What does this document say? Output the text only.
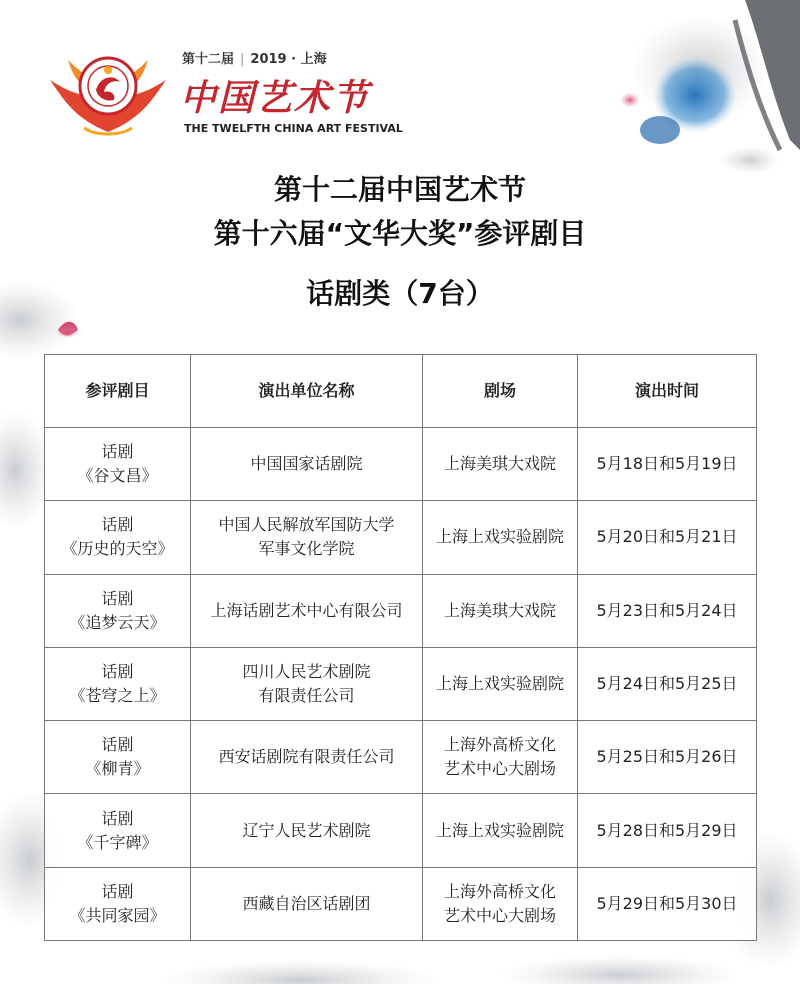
第十二届 | 2019 · 上海
中国艺术节
THE TWELFTH CHINA ART FESTIVAL
第十二届中国艺术节
第十六届“文华大奖”参评剧目
话剧类（7台）
参评剧目	演出单位名称	剧场	演出时间

话剧
《谷文昌》	中国国家话剧院	上海美琪大戏院	5月18日和5月19日

话剧
《历史的天空》	中国人民解放军国防大学
军事文化学院	上海上戏实验剧院	5月20日和5月21日

话剧
《追梦云天》	上海话剧艺术中心有限公司	上海美琪大戏院	5月23日和5月24日

话剧
《苍穹之上》	四川人民艺术剧院
有限责任公司	上海上戏实验剧院	5月24日和5月25日

话剧
《柳青》	西安话剧院有限责任公司	上海外高桥文化
艺术中心大剧场	5月25日和5月26日

话剧
《千字碑》	辽宁人民艺术剧院	上海上戏实验剧院	5月28日和5月29日

话剧
《共同家园》	西藏自治区话剧团	上海外高桥文化
艺术中心大剧场	5月29日和5月30日
